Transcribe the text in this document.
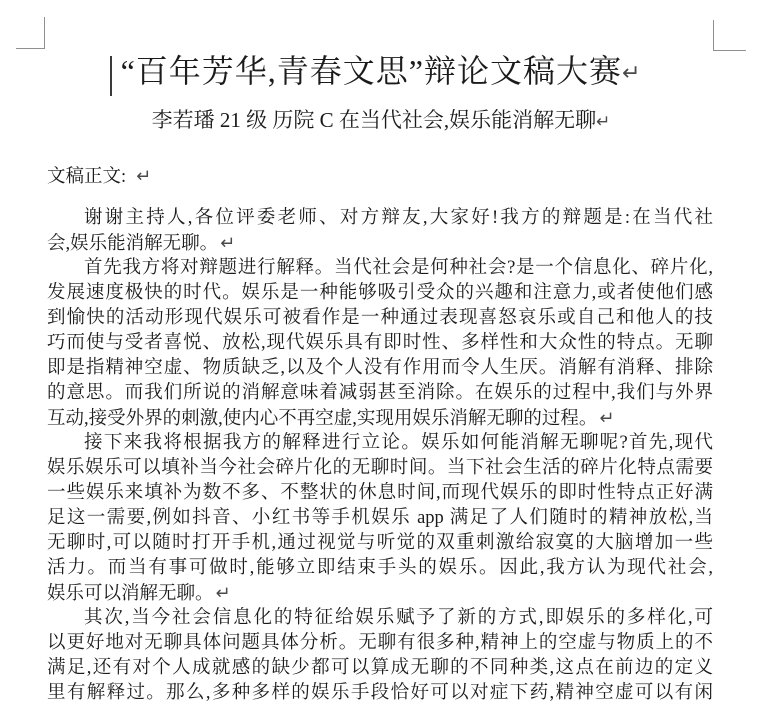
“百年芳华,青春文思”辩论文稿大赛↵
李若璠 21 级 历院 C 在当代社会,娱乐能消解无聊↵
文稿正文: ↵
谢谢主持人,各位评委老师、对方辩友,大家好!我方的辩题是:在当代社
会,娱乐能消解无聊。 ↵
首先我方将对辩题进行解释。当代社会是何种社会?是一个信息化、碎片化,
发展速度极快的时代。娱乐是一种能够吸引受众的兴趣和注意力,或者使他们感
到愉快的活动形现代娱乐可被看作是一种通过表现喜怒哀乐或自己和他人的技
巧而使与受者喜悦、放松,现代娱乐具有即时性、多样性和大众性的特点。无聊
即是指精神空虚、物质缺乏,以及个人没有作用而令人生厌。消解有消释、排除
的意思。而我们所说的消解意味着减弱甚至消除。在娱乐的过程中,我们与外界
互动,接受外界的刺激,使内心不再空虚,实现用娱乐消解无聊的过程。 ↵
接下来我将根据我方的解释进行立论。娱乐如何能消解无聊呢?首先,现代
娱乐娱乐可以填补当今社会碎片化的无聊时间。当下社会生活的碎片化特点需要
一些娱乐来填补为数不多、不整状的休息时间,而现代娱乐的即时性特点正好满
足这一需要,例如抖音、小红书等手机娱乐 app 满足了人们随时的精神放松,当
无聊时,可以随时打开手机,通过视觉与听觉的双重刺激给寂寞的大脑增加一些
活力。而当有事可做时,能够立即结束手头的娱乐。因此,我方认为现代社会,
娱乐可以消解无聊。 ↵
其次,当今社会信息化的特征给娱乐赋予了新的方式,即娱乐的多样化,可
以更好地对无聊具体问题具体分析。无聊有很多种,精神上的空虚与物质上的不
满足,还有对个人成就感的缺少都可以算成无聊的不同种类,这点在前边的定义
里有解释过。那么,多种多样的娱乐手段恰好可以对症下药,精神空虚可以有闲
